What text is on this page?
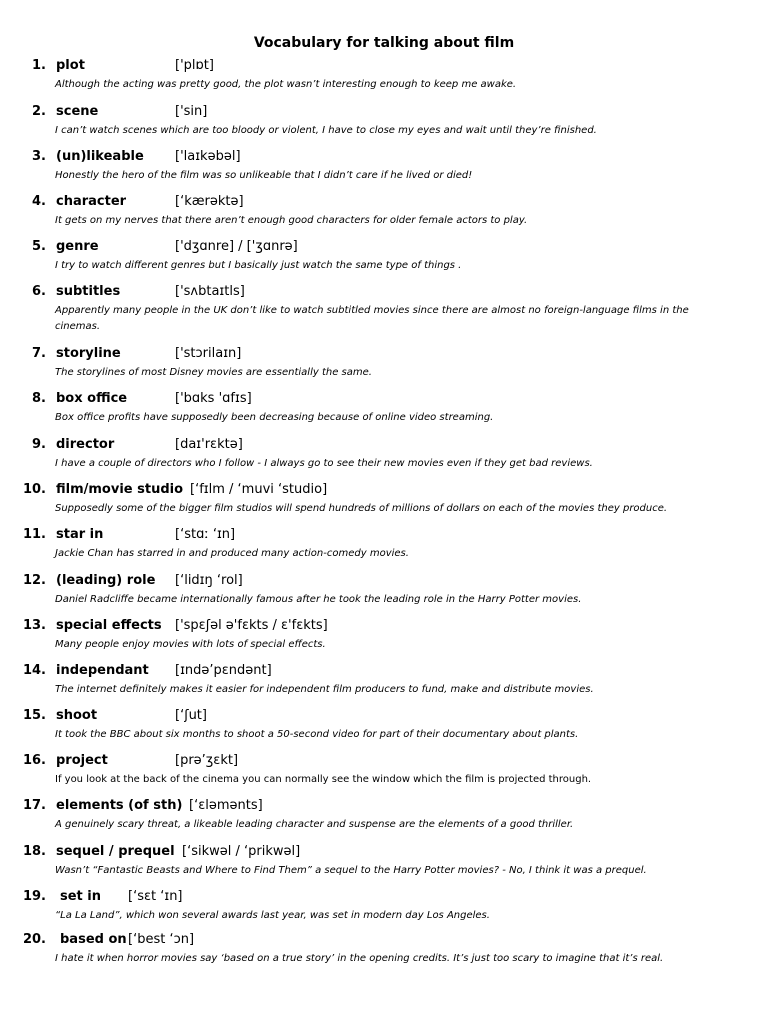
Vocabulary for talking about film
1. plot	['plɒt]
Although the acting was pretty good, the plot wasn’t interesting enough to keep me awake.
2. scene	['sin]
I can’t watch scenes which are too bloody or violent, I have to close my eyes and wait until they’re finished.
3. (un)likeable ['laɪkəbəl]
Honestly the hero of the film was so unlikeable that I didn’t care if he lived or died!
4. character	[‘kærəktə]
It gets on my nerves that there aren’t enough good characters for older female actors to play.
5. genre	['dʒɑnre] / ['ʒɑnrə]
I try to watch different genres but I basically just watch the same type of things .
6. subtitles	['sʌbtaɪtls]
Apparently many people in the UK don’t like to watch subtitled movies since there are almost no foreign-language films in the cinemas.
7. storyline	['stɔrilaɪn]
The storylines of most Disney movies are essentially the same.
8. box office	['bɑks 'ɑfɪs]
Box office profits have supposedly been decreasing because of online video streaming.
9. director	[daɪ'rɛktə]
I have a couple of directors who I follow - I always go to see their new movies even if they get bad reviews.
10. film/movie studio [‘fɪlm / ‘muvi ‘studio]
Supposedly some of the bigger film studios will spend hundreds of millions of dollars on each of the movies they produce.
11. star in	[‘stɑː ‘ɪn]
Jackie Chan has starred in and produced many action-comedy movies.
12. (leading) role [‘lidɪŋ ‘rol]
Daniel Radcliffe became internationally famous after he took the leading role in the Harry Potter movies.
13. special effects ['spɛʃəl ə'fɛkts / ɛ'fɛkts]
Many people enjoy movies with lots of special effects.
14. independant [ɪndə’pɛndənt]
The internet definitely makes it easier for independent film producers to fund, make and distribute movies.
15. shoot	[‘ʃut]
It took the BBC about six months to shoot a 50-second video for part of their documentary about plants.
16. project	[prə’ʒɛkt]
If you look at the back of the cinema you can normally see the window which the film is projected through.
17. elements (of sth) [‘ɛləmənts]
A genuinely scary threat, a likeable leading character and suspense are the elements of a good thriller.
18. sequel / prequel [‘sikwəl / ‘prikwəl]
Wasn’t “Fantastic Beasts and Where to Find Them” a sequel to the Harry Potter movies? - No, I think it was a prequel.
19. set in [‘sɛt ‘ɪn]
“La La Land”, which won several awards last year, was set in modern day Los Angeles.
20. based on [‘best ‘ɔn]
I hate it when horror movies say ‘based on a true story’ in the opening credits. It’s just too scary to imagine that it’s real.
